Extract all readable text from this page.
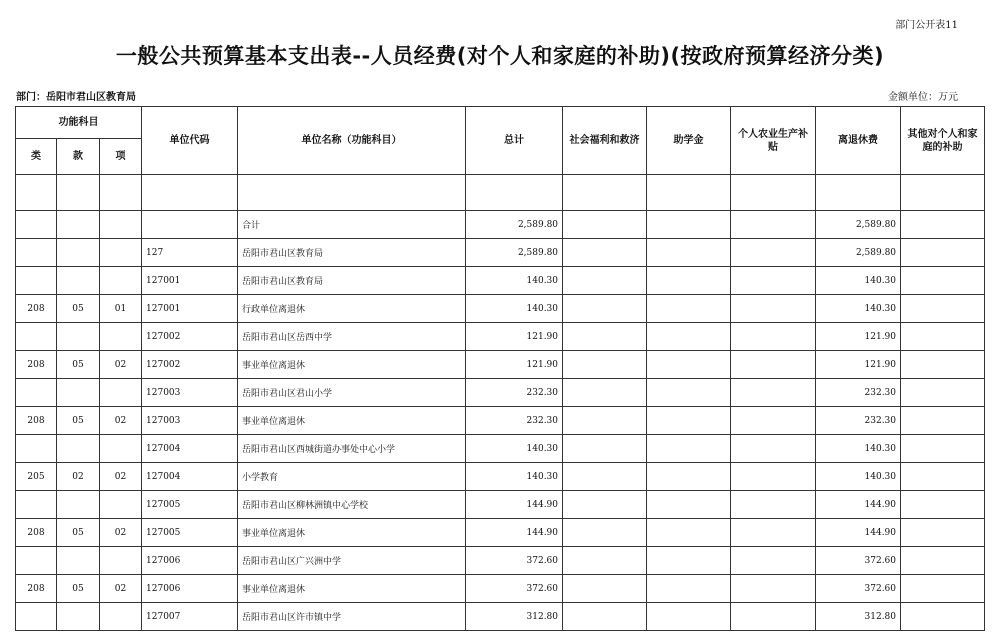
部门公开表11
一般公共预算基本支出表--人员经费(对个人和家庭的补助)(按政府预算经济分类)
部门：岳阳市君山区教育局	金额单位：万元
功能科目			单位代码	单位名称（功能科目）	总计	社会福利和救济	助学金	个人农业生产补贴	离退休费	其他对个人和家庭的补助
类	款	项								

				合计	2,589.80				2,589.80	
			127	岳阳市君山区教育局	2,589.80				2,589.80	
			127001	岳阳市君山区教育局	140.30				140.30	
208	05	01	127001	行政单位离退休	140.30				140.30	
			127002	岳阳市君山区岳西中学	121.90				121.90	
208	05	02	127002	事业单位离退休	121.90				121.90	
			127003	岳阳市君山区君山小学	232.30				232.30	
208	05	02	127003	事业单位离退休	232.30				232.30	
			127004	岳阳市君山区西城街道办事处中心小学	140.30				140.30	
205	02	02	127004	小学教育	140.30				140.30	
			127005	岳阳市君山区柳林洲镇中心学校	144.90				144.90	
208	05	02	127005	事业单位离退休	144.90				144.90	
			127006	岳阳市君山区广兴洲中学	372.60				372.60	
208	05	02	127006	事业单位离退休	372.60				372.60	
			127007	岳阳市君山区许市镇中学	312.80				312.80	
